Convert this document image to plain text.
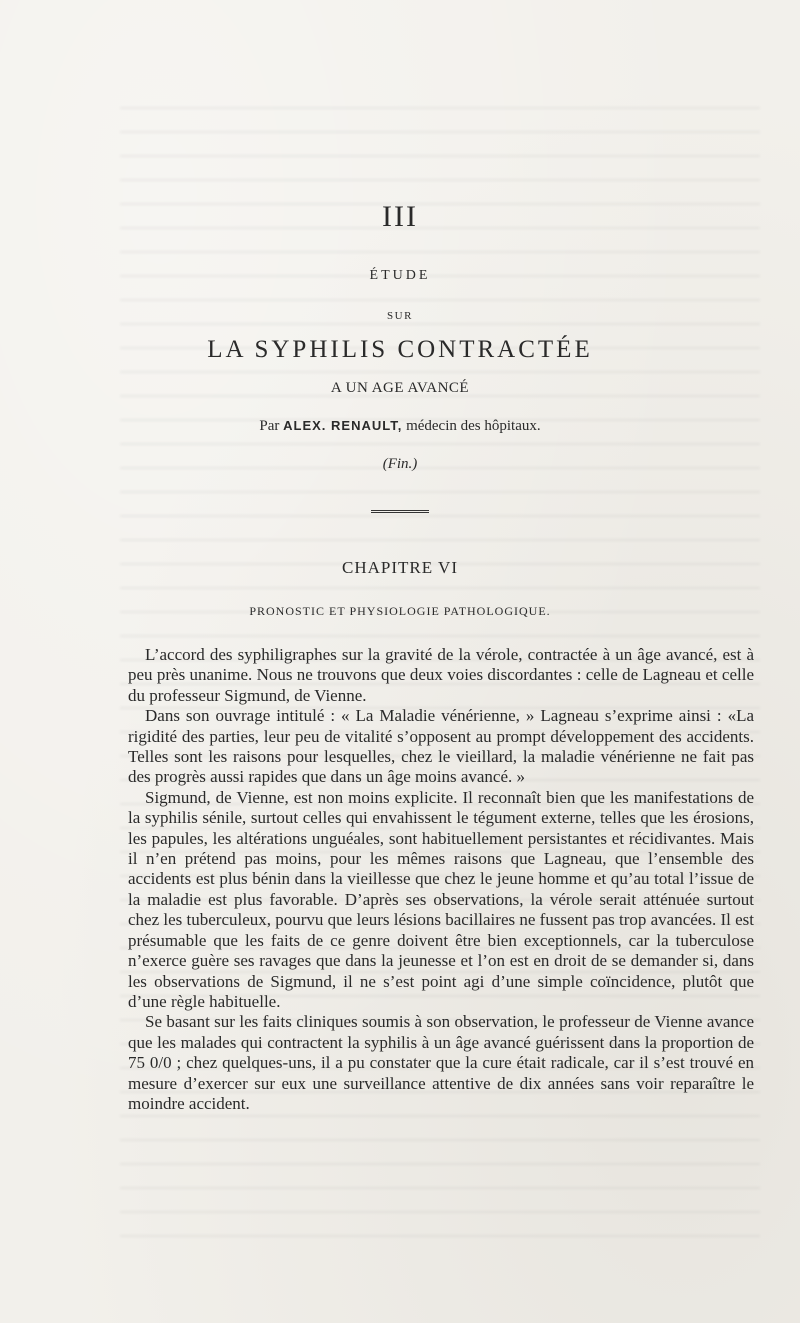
III
ÉTUDE
SUR
LA SYPHILIS CONTRACTÉE
A UN AGE AVANCÉ
Par ALEX. RENAULT, médecin des hôpitaux.
(Fin.)
CHAPITRE VI
PRONOSTIC ET PHYSIOLOGIE PATHOLOGIQUE.

L’accord des syphiligraphes sur la gravité de la vérole, contractée à un âge avancé, est à peu près unanime. Nous ne trouvons que deux voies discordantes : celle de Lagneau et celle du professeur Sigmund, de Vienne.

Dans son ouvrage intitulé : « La Maladie vénérienne, » Lagneau s’exprime ainsi : «La rigidité des parties, leur peu de vitalité s’opposent au prompt développement des accidents. Telles sont les raisons pour lesquelles, chez le vieillard, la maladie vénérienne ne fait pas des progrès aussi rapides que dans un âge moins avancé. »

Sigmund, de Vienne, est non moins explicite. Il reconnaît bien que les manifestations de la syphilis sénile, surtout celles qui envahissent le tégument externe, telles que les érosions, les papules, les altérations unguéales, sont habituellement persistantes et récidivantes. Mais il n’en prétend pas moins, pour les mêmes raisons que Lagneau, que l’ensemble des accidents est plus bénin dans la vieillesse que chez le jeune homme et qu’au total l’issue de la maladie est plus favorable. D’après ses observations, la vérole serait atténuée surtout chez les tuberculeux, pourvu que leurs lésions bacillaires ne fussent pas trop avancées. Il est présumable que les faits de ce genre doivent être bien exceptionnels, car la tuberculose n’exerce guère ses ravages que dans la jeunesse et l’on est en droit de se demander si, dans les observations de Sigmund, il ne s’est point agi d’une simple coïncidence, plutôt que d’une règle habituelle.

Se basant sur les faits cliniques soumis à son observation, le professeur de Vienne avance que les malades qui contractent la syphilis à un âge avancé guérissent dans la proportion de 75 0/0 ; chez quelques-uns, il a pu constater que la cure était radicale, car il s’est trouvé en mesure d’exercer sur eux une surveillance attentive de dix années sans voir reparaître le moindre accident.
